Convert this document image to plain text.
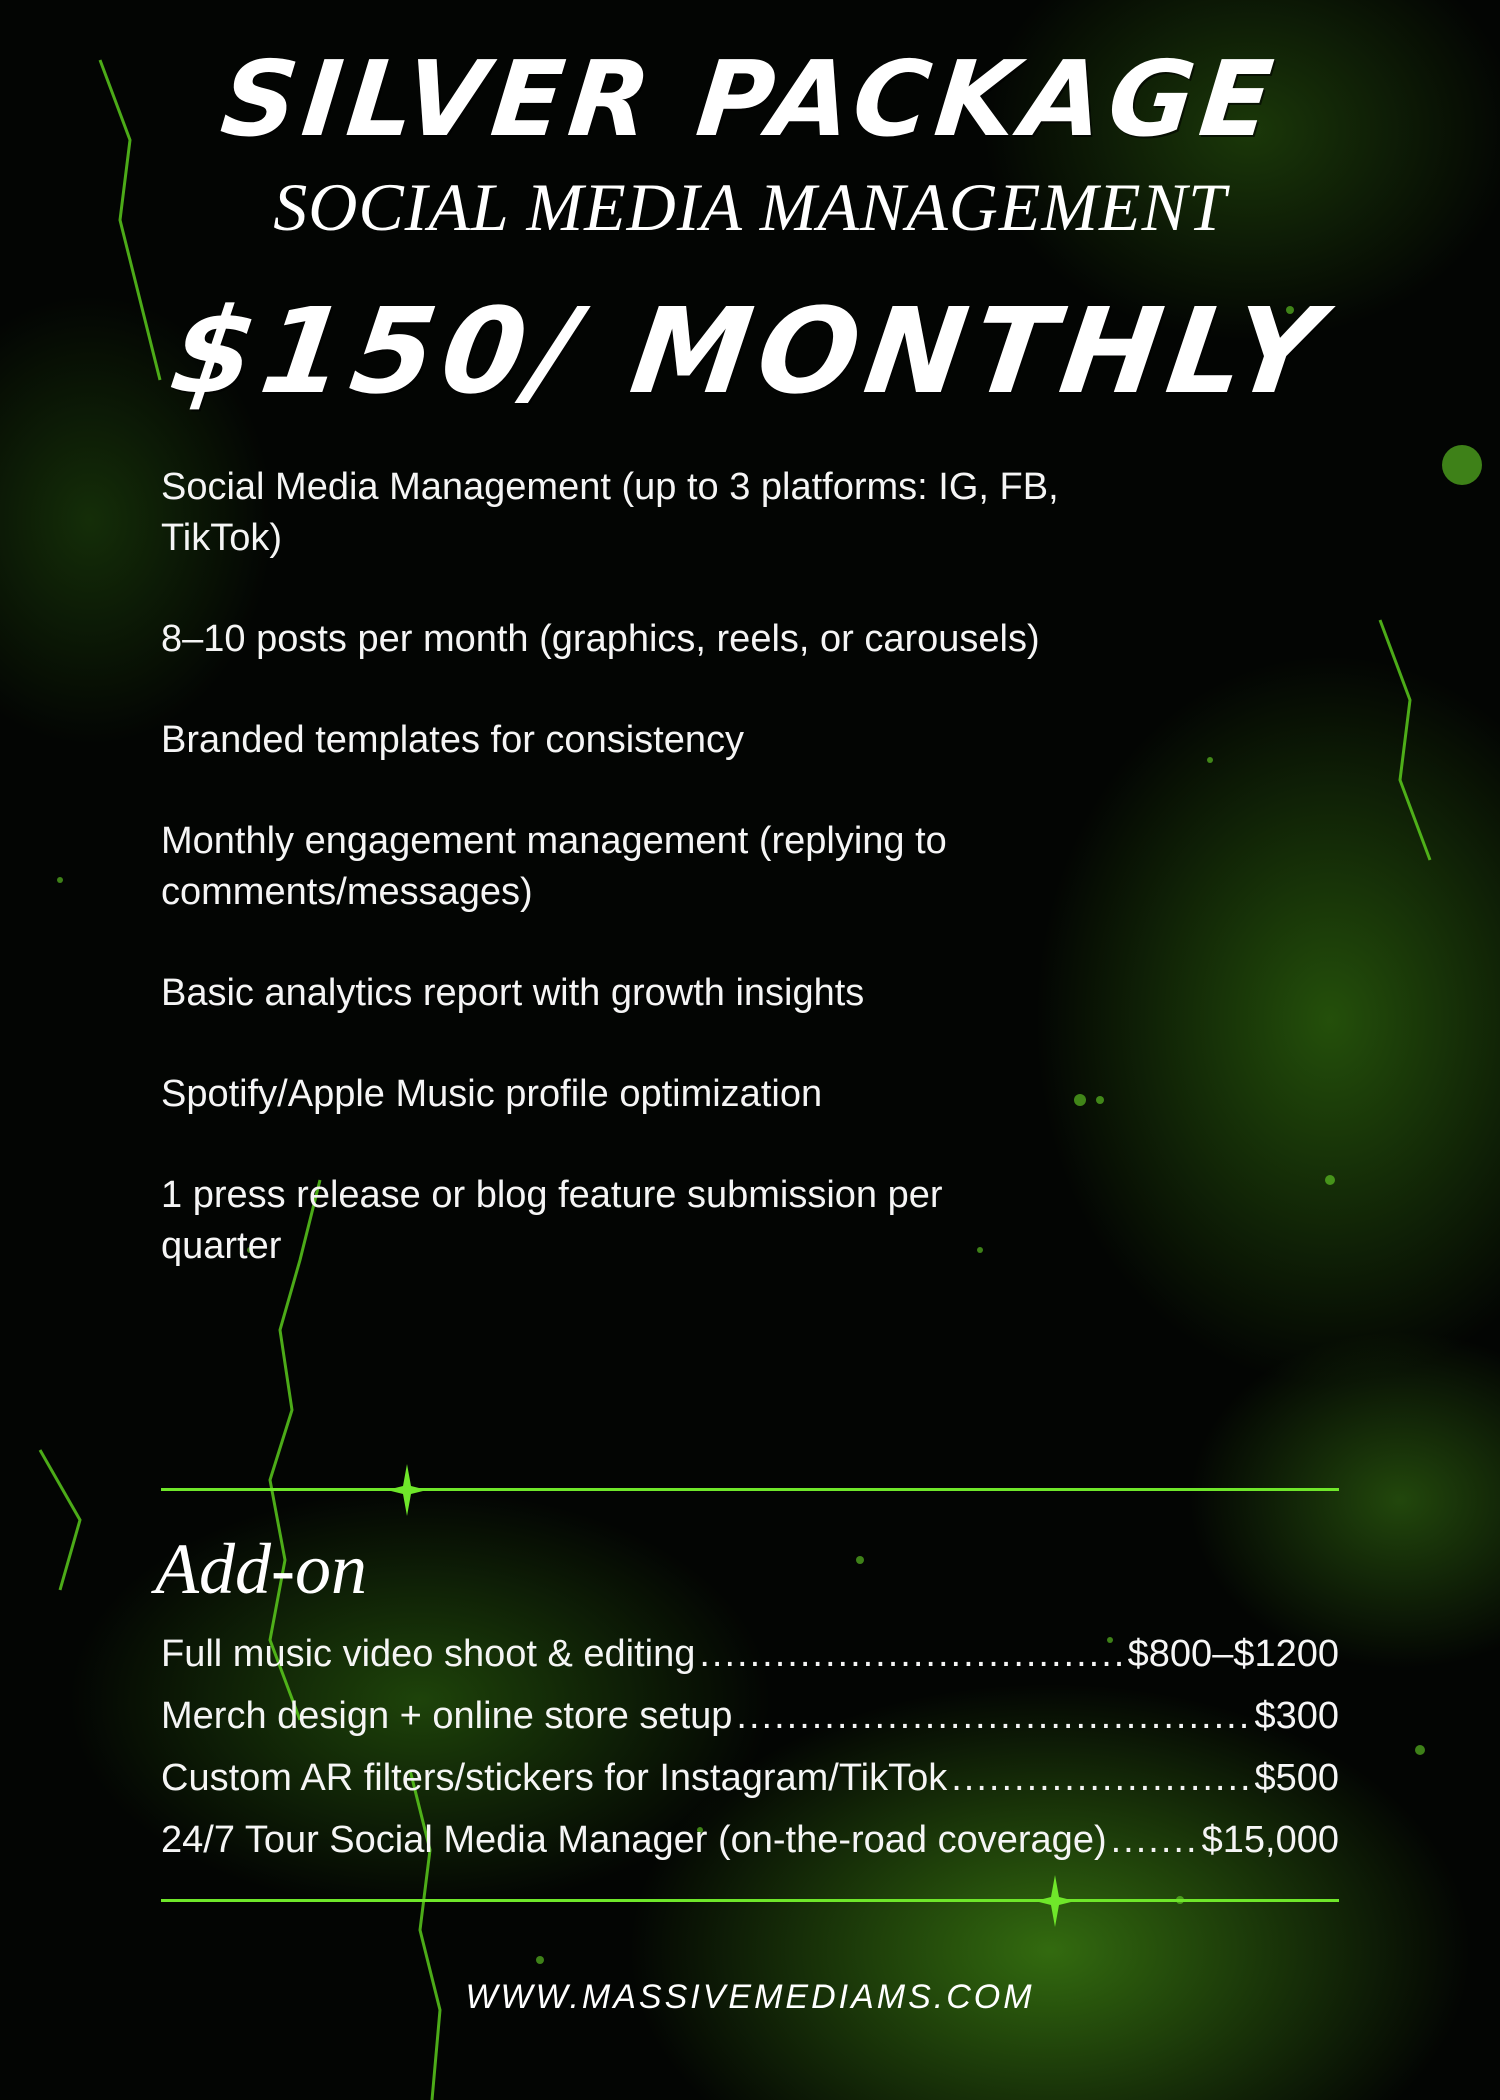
SILVER PACKAGE
SOCIAL MEDIA MANAGEMENT
$150/ MONTHLY
Social Media Management (up to 3 platforms: IG, FB, TikTok)
8–10 posts per month (graphics, reels, or carousels)
Branded templates for consistency
Monthly engagement management (replying to comments/messages)
Basic analytics report with growth insights
Spotify/Apple Music profile optimization
1 press release or blog feature submission per quarter
Add-on
Full music video shoot & editing .....	$800–$1200
Merch design + online store setup .....	$300
Custom AR filters/stickers for Instagram/TikTok .....	$500
24/7 Tour Social Media Manager (on-the-road coverage) .....	$15,000
WWW.MASSIVEMEDIAMS.COM
